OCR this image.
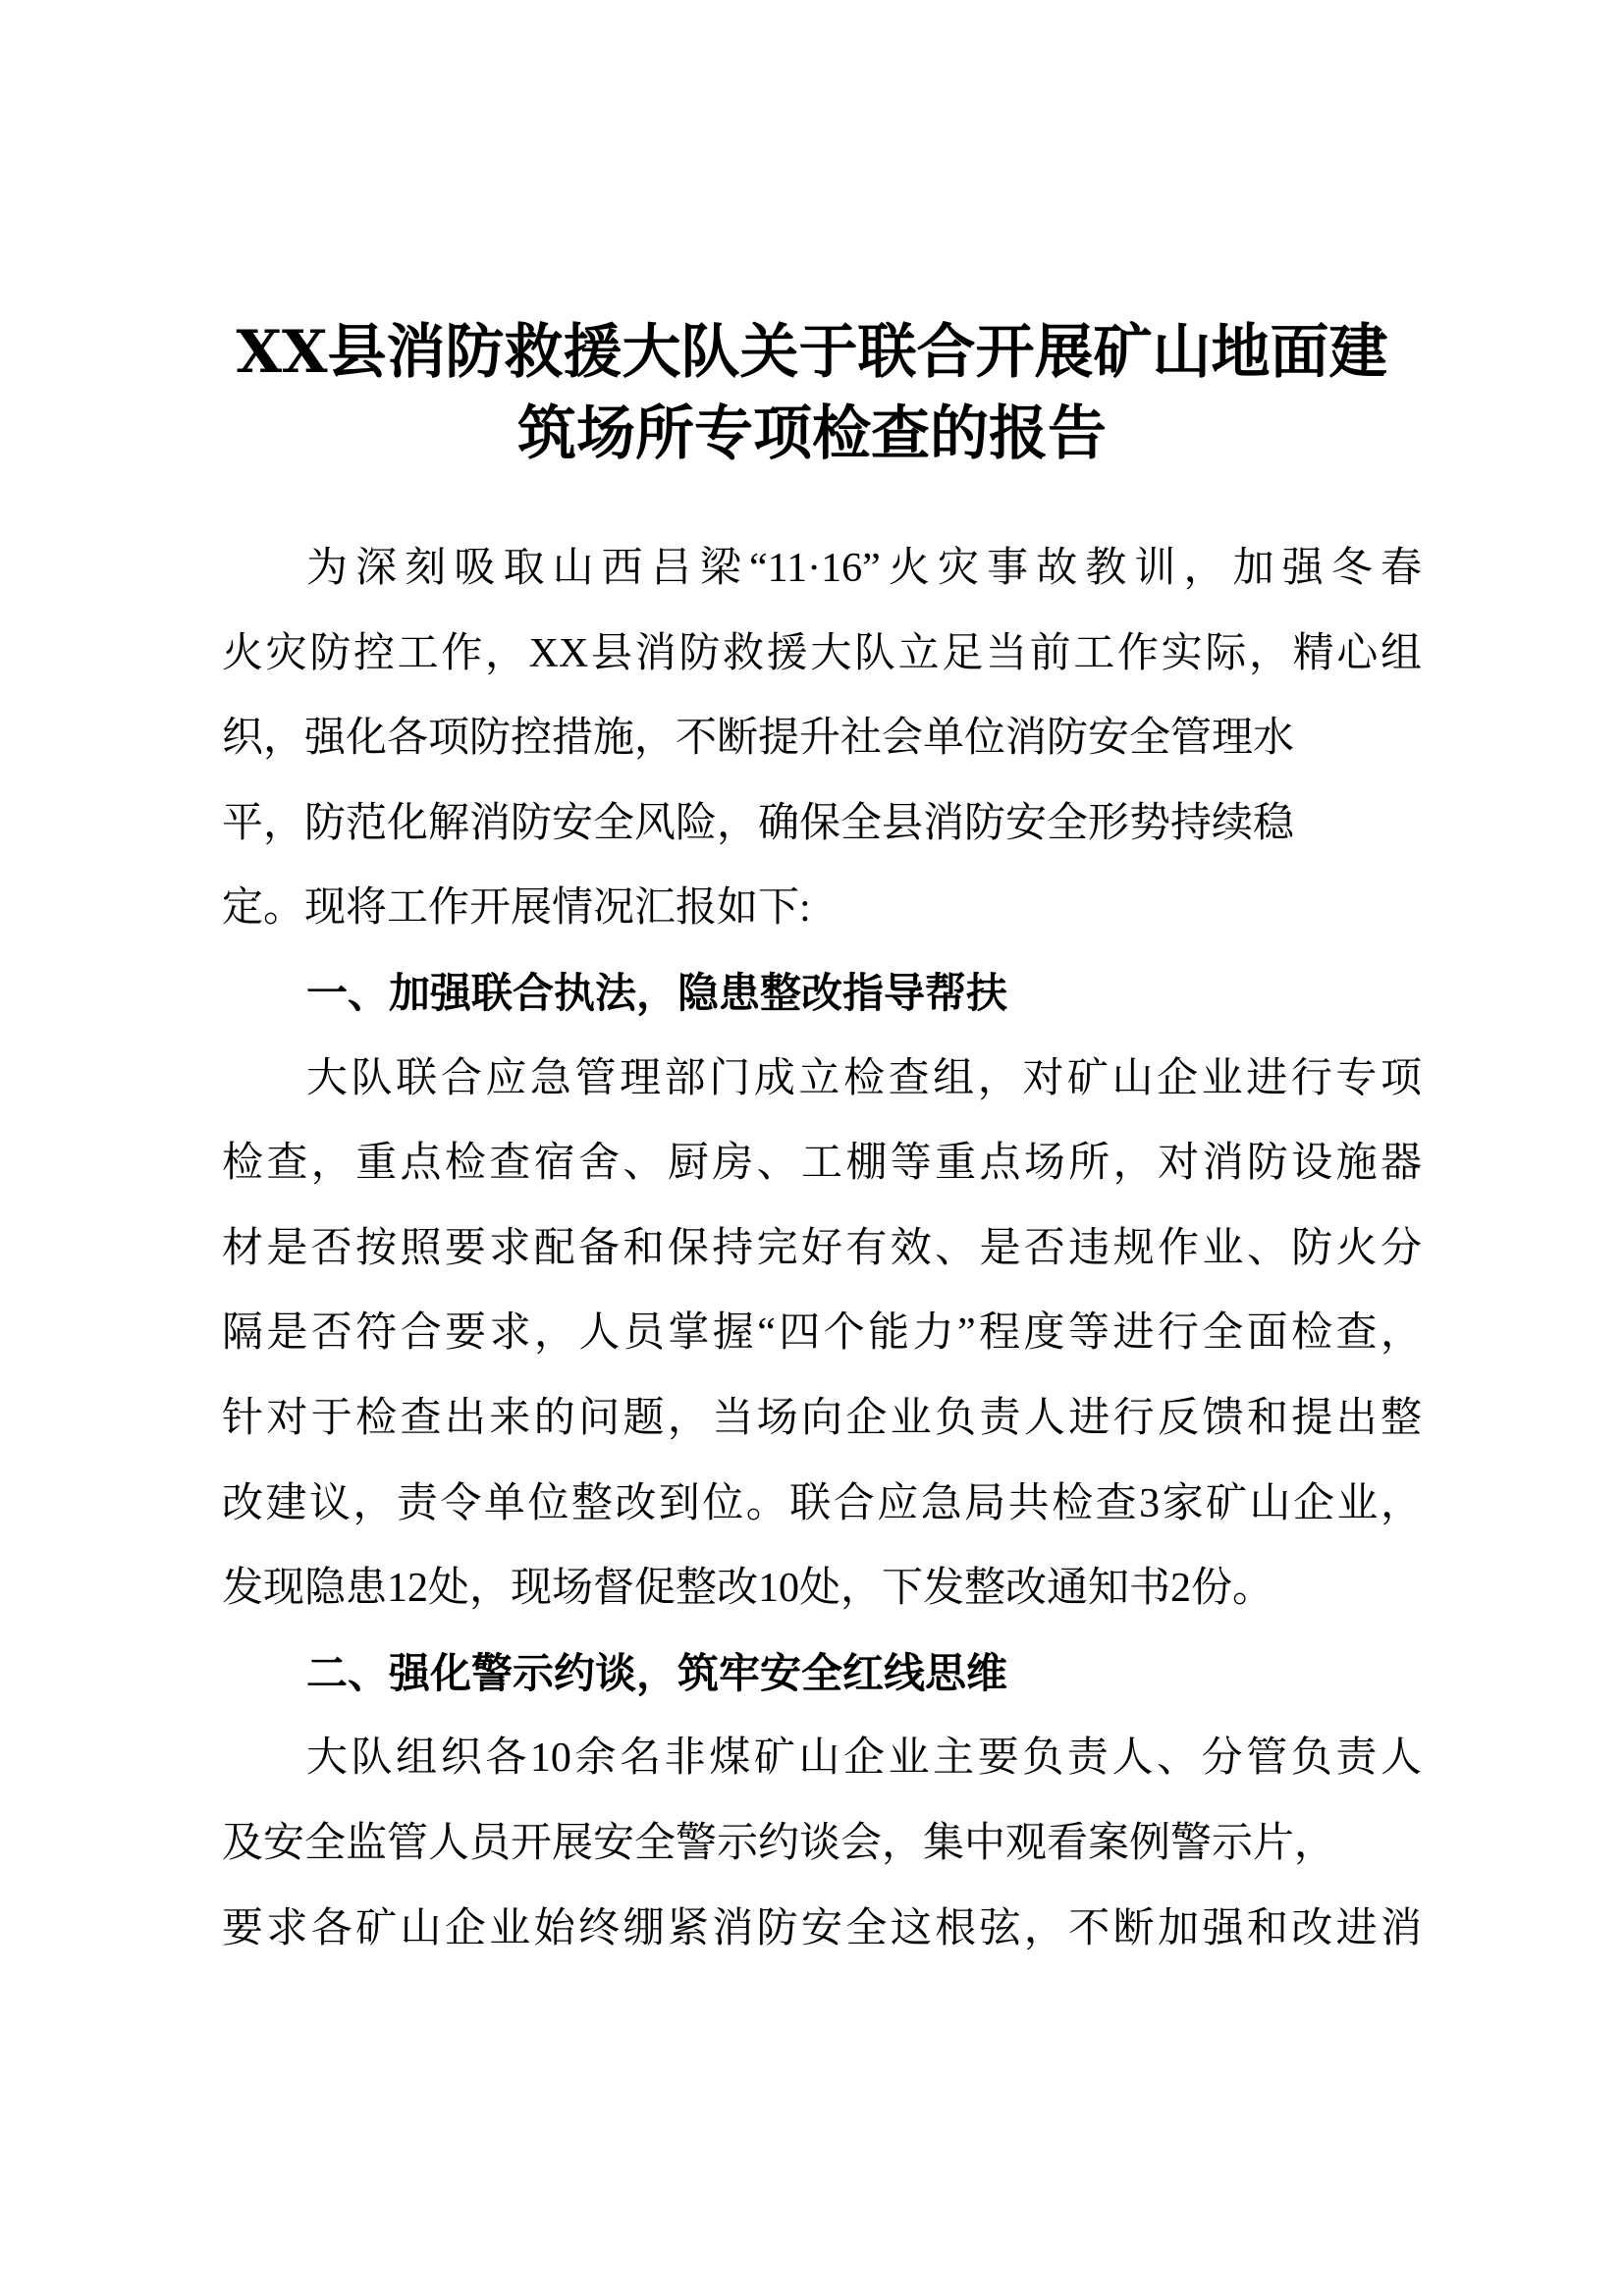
XX县消防救援大队关于联合开展矿山地面建
筑场所专项检查的报告
为深刻吸取山西吕梁“11·16”火灾事故教训，加强冬春
火灾防控工作，XX县消防救援大队立足当前工作实际，精心组
织，强化各项防控措施，不断提升社会单位消防安全管理水
平，防范化解消防安全风险，确保全县消防安全形势持续稳
定。现将工作开展情况汇报如下:
一、加强联合执法，隐患整改指导帮扶
大队联合应急管理部门成立检查组，对矿山企业进行专项
检查，重点检查宿舍、厨房、工棚等重点场所，对消防设施器
材是否按照要求配备和保持完好有效、是否违规作业、防火分
隔是否符合要求，人员掌握“四个能力”程度等进行全面检查，
针对于检查出来的问题，当场向企业负责人进行反馈和提出整
改建议，责令单位整改到位。联合应急局共检查3家矿山企业，
发现隐患12处，现场督促整改10处，下发整改通知书2份。
二、强化警示约谈，筑牢安全红线思维
大队组织各10余名非煤矿山企业主要负责人、分管负责人
及安全监管人员开展安全警示约谈会，集中观看案例警示片，
要求各矿山企业始终绷紧消防安全这根弦，不断加强和改进消
